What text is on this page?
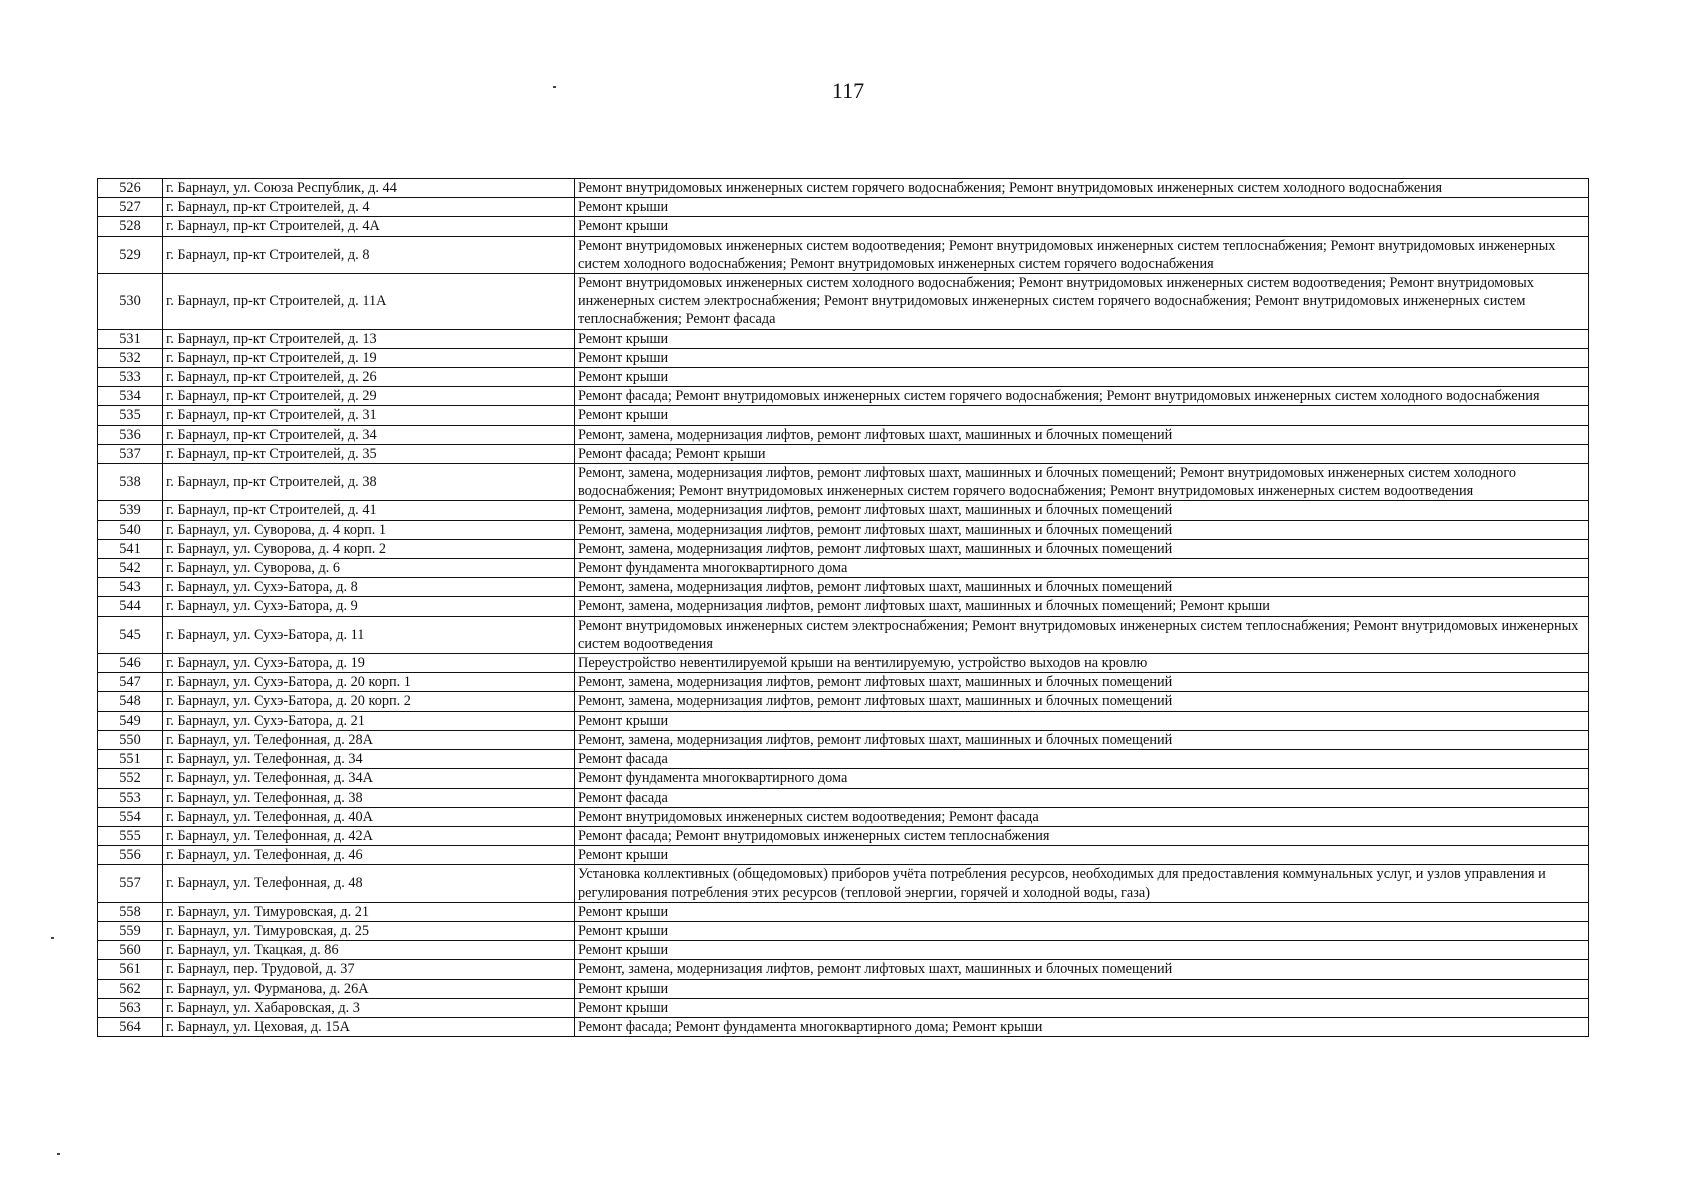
117
526	г. Барнаул, ул. Союза Республик, д. 44	Ремонт внутридомовых инженерных систем горячего водоснабжения; Ремонт внутридомовых инженерных систем холодного водоснабжения
527	г. Барнаул, пр-кт Строителей, д. 4	Ремонт крыши
528	г. Барнаул, пр-кт Строителей, д. 4А	Ремонт крыши
529	г. Барнаул, пр-кт Строителей, д. 8	Ремонт внутридомовых инженерных систем водоотведения; Ремонт внутридомовых инженерных систем теплоснабжения; Ремонт внутридомовых инженерных систем холодного водоснабжения; Ремонт внутридомовых инженерных систем горячего водоснабжения
530	г. Барнаул, пр-кт Строителей, д. 11А	Ремонт внутридомовых инженерных систем холодного водоснабжения; Ремонт внутридомовых инженерных систем водоотведения; Ремонт внутридомовых инженерных систем электроснабжения; Ремонт внутридомовых инженерных систем горячего водоснабжения; Ремонт внутридомовых инженерных систем теплоснабжения; Ремонт фасада
531	г. Барнаул, пр-кт Строителей, д. 13	Ремонт крыши
532	г. Барнаул, пр-кт Строителей, д. 19	Ремонт крыши
533	г. Барнаул, пр-кт Строителей, д. 26	Ремонт крыши
534	г. Барнаул, пр-кт Строителей, д. 29	Ремонт фасада; Ремонт внутридомовых инженерных систем горячего водоснабжения; Ремонт внутридомовых инженерных систем холодного водоснабжения
535	г. Барнаул, пр-кт Строителей, д. 31	Ремонт крыши
536	г. Барнаул, пр-кт Строителей, д. 34	Ремонт, замена, модернизация лифтов, ремонт лифтовых шахт, машинных и блочных помещений
537	г. Барнаул, пр-кт Строителей, д. 35	Ремонт фасада; Ремонт крыши
538	г. Барнаул, пр-кт Строителей, д. 38	Ремонт, замена, модернизация лифтов, ремонт лифтовых шахт, машинных и блочных помещений; Ремонт внутридомовых инженерных систем холодного водоснабжения; Ремонт внутридомовых инженерных систем горячего водоснабжения; Ремонт внутридомовых инженерных систем водоотведения
539	г. Барнаул, пр-кт Строителей, д. 41	Ремонт, замена, модернизация лифтов, ремонт лифтовых шахт, машинных и блочных помещений
540	г. Барнаул, ул. Суворова, д. 4 корп. 1	Ремонт, замена, модернизация лифтов, ремонт лифтовых шахт, машинных и блочных помещений
541	г. Барнаул, ул. Суворова, д. 4 корп. 2	Ремонт, замена, модернизация лифтов, ремонт лифтовых шахт, машинных и блочных помещений
542	г. Барнаул, ул. Суворова, д. 6	Ремонт фундамента многоквартирного дома
543	г. Барнаул, ул. Сухэ-Батора, д. 8	Ремонт, замена, модернизация лифтов, ремонт лифтовых шахт, машинных и блочных помещений
544	г. Барнаул, ул. Сухэ-Батора, д. 9	Ремонт, замена, модернизация лифтов, ремонт лифтовых шахт, машинных и блочных помещений; Ремонт крыши
545	г. Барнаул, ул. Сухэ-Батора, д. 11	Ремонт внутридомовых инженерных систем электроснабжения; Ремонт внутридомовых инженерных систем теплоснабжения; Ремонт внутридомовых инженерных систем водоотведения
546	г. Барнаул, ул. Сухэ-Батора, д. 19	Переустройство невентилируемой крыши на вентилируемую, устройство выходов на кровлю
547	г. Барнаул, ул. Сухэ-Батора, д. 20 корп. 1	Ремонт, замена, модернизация лифтов, ремонт лифтовых шахт, машинных и блочных помещений
548	г. Барнаул, ул. Сухэ-Батора, д. 20 корп. 2	Ремонт, замена, модернизация лифтов, ремонт лифтовых шахт, машинных и блочных помещений
549	г. Барнаул, ул. Сухэ-Батора, д. 21	Ремонт крыши
550	г. Барнаул, ул. Телефонная, д. 28А	Ремонт, замена, модернизация лифтов, ремонт лифтовых шахт, машинных и блочных помещений
551	г. Барнаул, ул. Телефонная, д. 34	Ремонт фасада
552	г. Барнаул, ул. Телефонная, д. 34А	Ремонт фундамента многоквартирного дома
553	г. Барнаул, ул. Телефонная, д. 38	Ремонт фасада
554	г. Барнаул, ул. Телефонная, д. 40А	Ремонт внутридомовых инженерных систем водоотведения; Ремонт фасада
555	г. Барнаул, ул. Телефонная, д. 42А	Ремонт фасада; Ремонт внутридомовых инженерных систем теплоснабжения
556	г. Барнаул, ул. Телефонная, д. 46	Ремонт крыши
557	г. Барнаул, ул. Телефонная, д. 48	Установка коллективных (общедомовых) приборов учёта потребления ресурсов, необходимых для предоставления коммунальных услуг, и узлов управления и регулирования потребления этих ресурсов (тепловой энергии, горячей и холодной воды, газа)
558	г. Барнаул, ул. Тимуровская, д. 21	Ремонт крыши
559	г. Барнаул, ул. Тимуровская, д. 25	Ремонт крыши
560	г. Барнаул, ул. Ткацкая, д. 86	Ремонт крыши
561	г. Барнаул, пер. Трудовой, д. 37	Ремонт, замена, модернизация лифтов, ремонт лифтовых шахт, машинных и блочных помещений
562	г. Барнаул, ул. Фурманова, д. 26А	Ремонт крыши
563	г. Барнаул, ул. Хабаровская, д. 3	Ремонт крыши
564	г. Барнаул, ул. Цеховая, д. 15А	Ремонт фасада; Ремонт фундамента многоквартирного дома; Ремонт крыши
